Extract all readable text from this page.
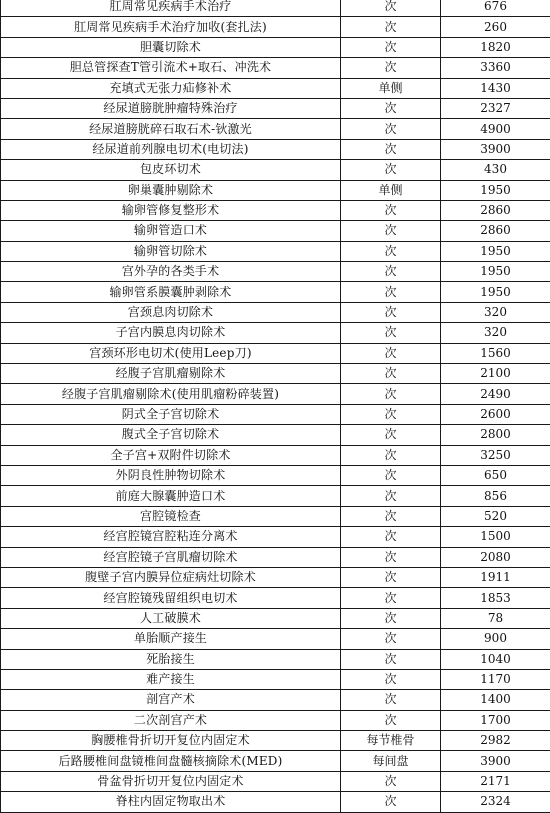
肛周常见疾病手术治疗	次	676
肛周常见疾病手术治疗加收(套扎法)	次	260
胆囊切除术	次	1820
胆总管探查T管引流术+取石、冲洗术	次	3360
充填式无张力疝修补术	单侧	1430
经尿道膀胱肿瘤特殊治疗	次	2327
经尿道膀胱碎石取石术-钬激光	次	4900
经尿道前列腺电切术(电切法)	次	3900
包皮环切术	次	430
卵巢囊肿剔除术	单侧	1950
输卵管修复整形术	次	2860
输卵管造口术	次	2860
输卵管切除术	次	1950
宫外孕的各类手术	次	1950
输卵管系膜囊肿剥除术	次	1950
宫颈息肉切除术	次	320
子宫内膜息肉切除术	次	320
宫颈环形电切术(使用Leep刀)	次	1560
经腹子宫肌瘤剔除术	次	2100
经腹子宫肌瘤剔除术(使用肌瘤粉碎装置)	次	2490
阴式全子宫切除术	次	2600
腹式全子宫切除术	次	2800
全子宫+双附件切除术	次	3250
外阴良性肿物切除术	次	650
前庭大腺囊肿造口术	次	856
宫腔镜检查	次	520
经宫腔镜宫腔粘连分离术	次	1500
经宫腔镜子宫肌瘤切除术	次	2080
腹壁子宫内膜异位症病灶切除术	次	1911
经宫腔镜残留组织电切术	次	1853
人工破膜术	次	78
单胎顺产接生	次	900
死胎接生	次	1040
难产接生	次	1170
剖宫产术	次	1400
二次剖宫产术	次	1700
胸腰椎骨折切开复位内固定术	每节椎骨	2982
后路腰椎间盘镜椎间盘髓核摘除术(MED)	每间盘	3900
骨盆骨折切开复位内固定术	次	2171
脊柱内固定物取出术	次	2324
